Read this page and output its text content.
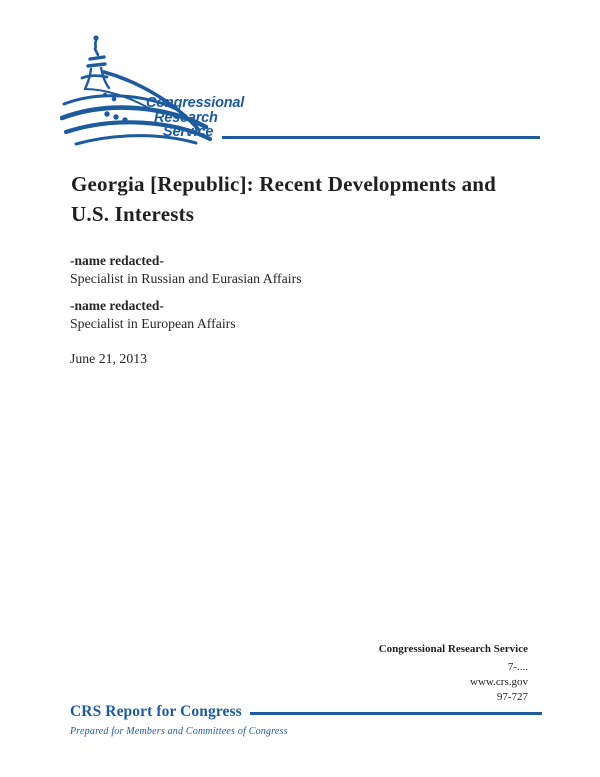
Congressional
Research
Service
Georgia [Republic]: Recent Developments and
U.S. Interests
-name redacted-
Specialist in Russian and Eurasian Affairs
-name redacted-
Specialist in European Affairs
June 21, 2013
Congressional Research Service
7-....
www.crs.gov
97-727
CRS Report for Congress
Prepared for Members and Committees of Congress
